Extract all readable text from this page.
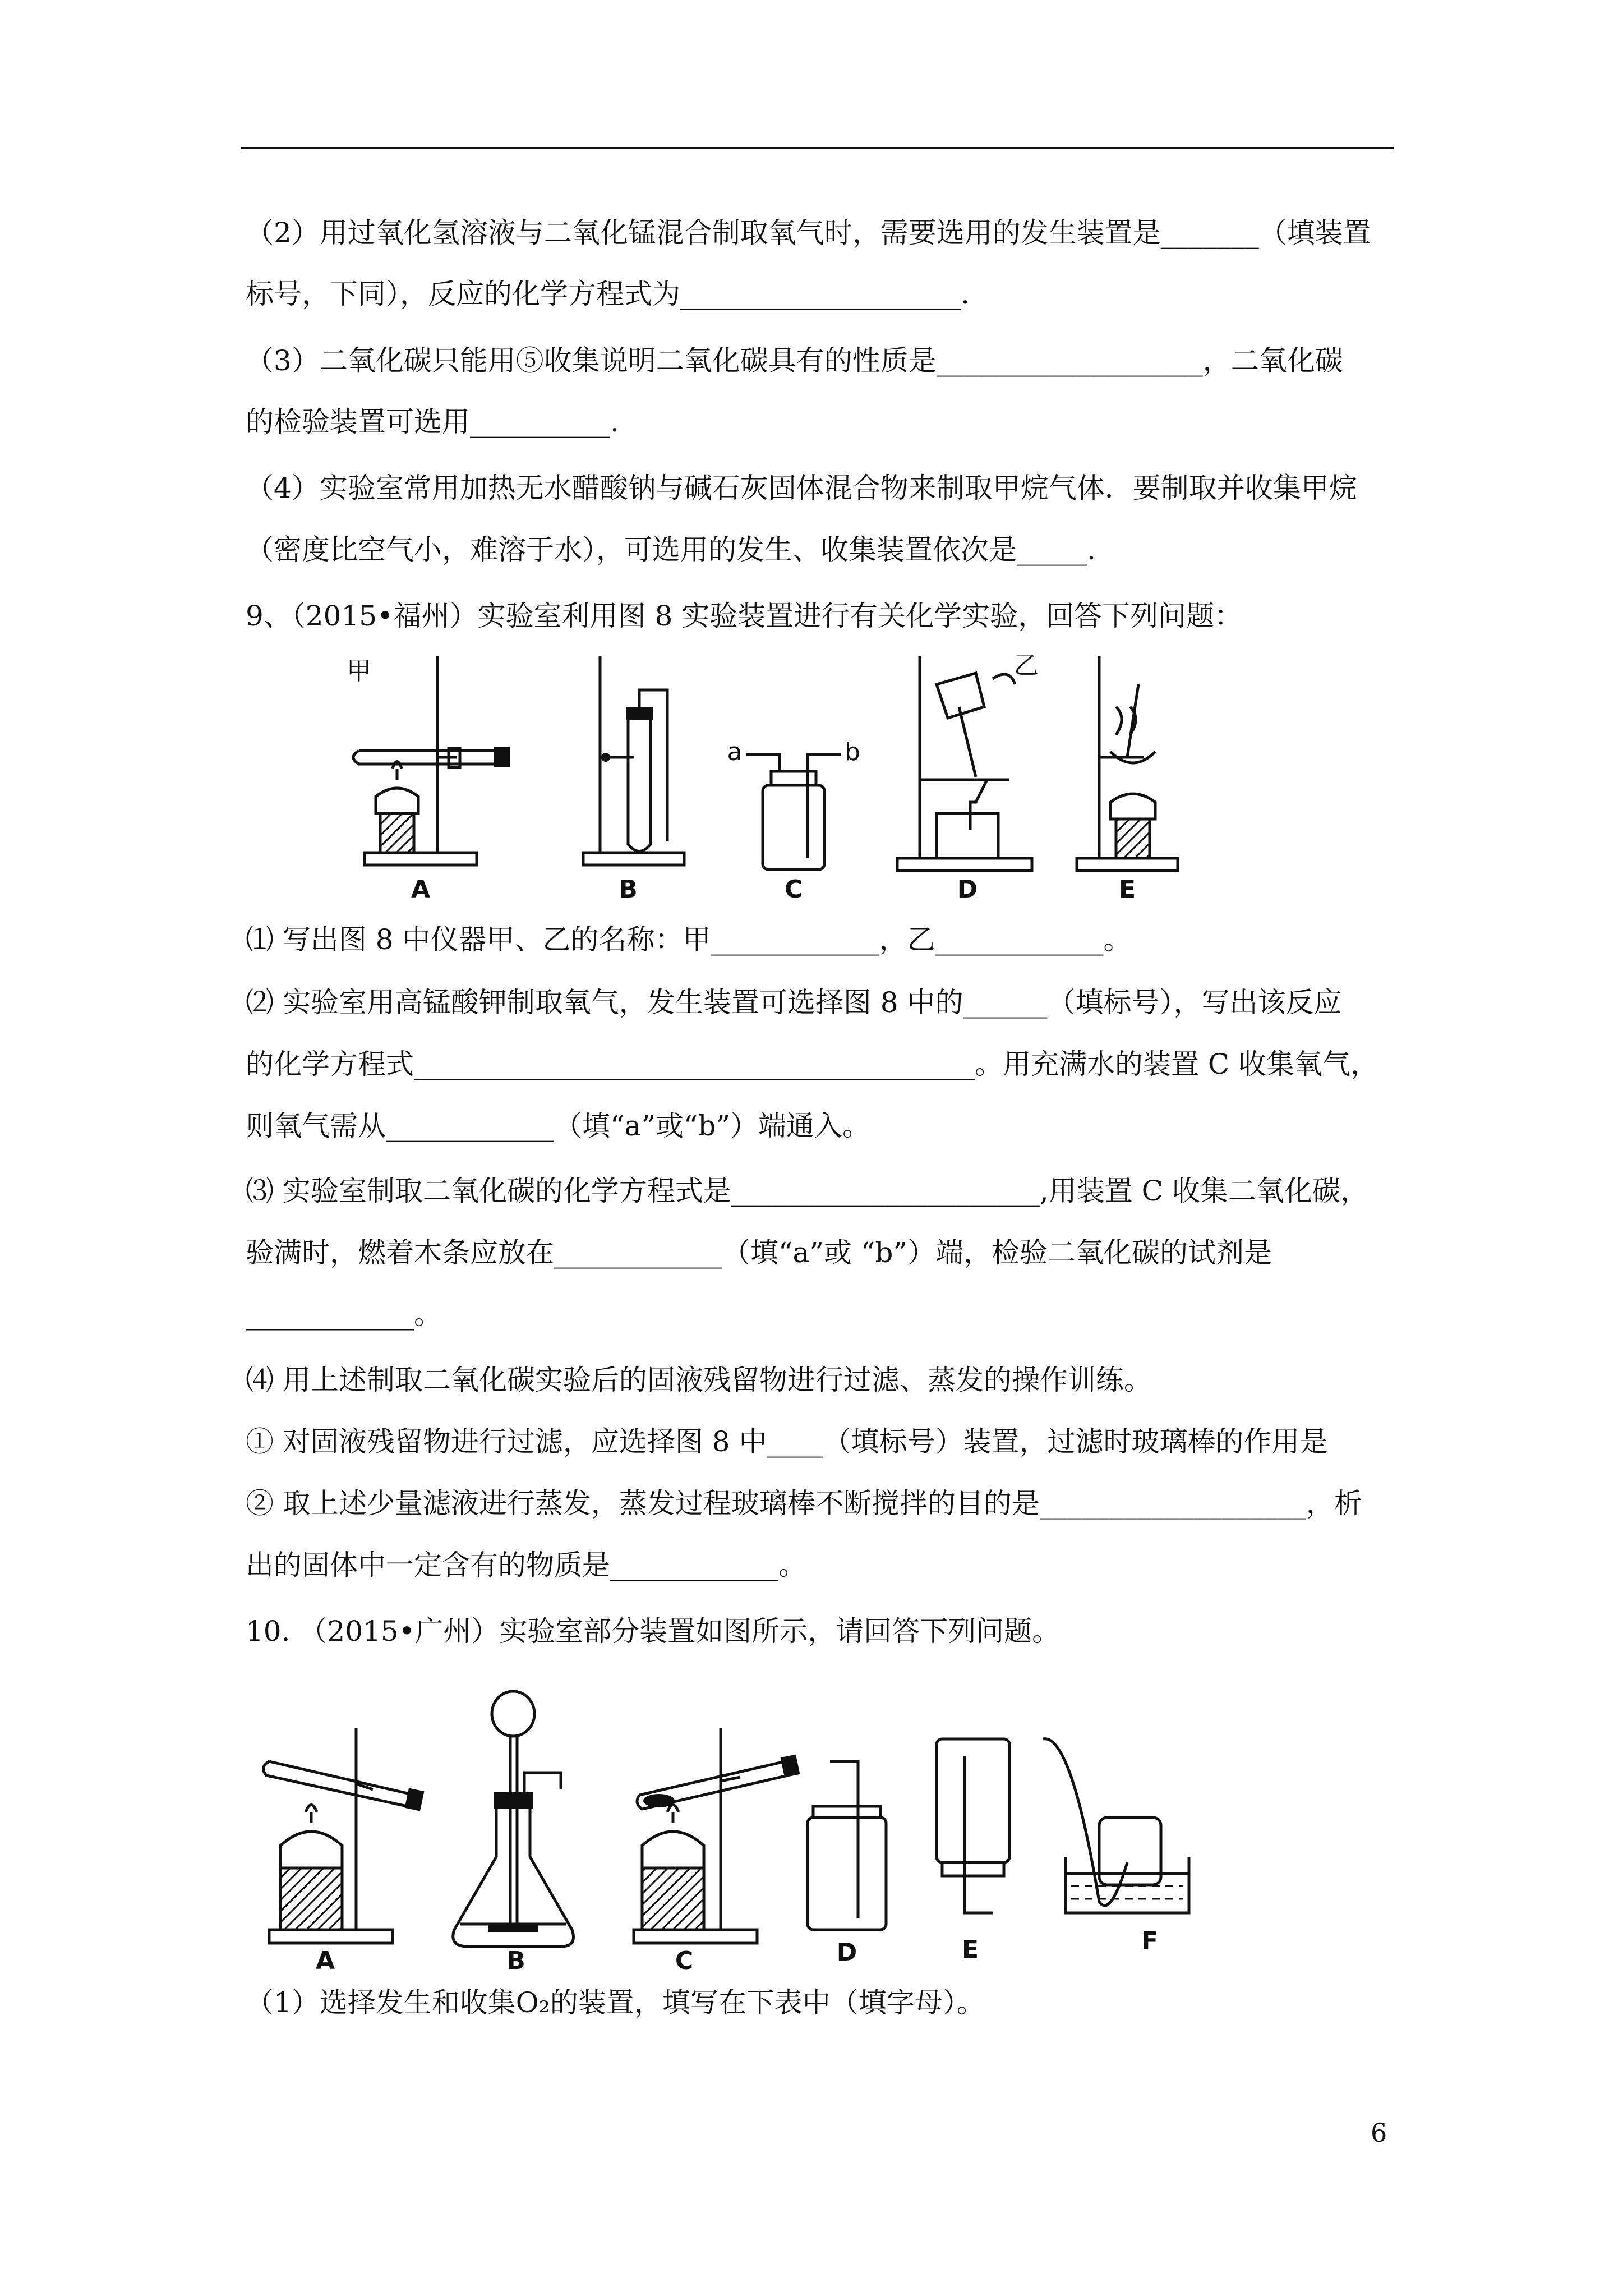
（2）用过氧化氢溶液与二氧化锰混合制取氧气时，需要选用的发生装置是_______（填装置
标号，下同），反应的化学方程式为____________________.
（3）二氧化碳只能用⑤收集说明二氧化碳具有的性质是___________________，二氧化碳
的检验装置可选用__________.
（4）实验室常用加热无水醋酸钠与碱石灰固体混合物来制取甲烷气体．要制取并收集甲烷
（密度比空气小，难溶于水），可选用的发生、收集装置依次是_____.
9、（2015•福州）实验室利用图 8 实验装置进行有关化学实验，回答下列问题：
甲	乙
a	b
A	B	C	D	E
⑴ 写出图 8 中仪器甲、乙的名称：甲____________，乙____________。
⑵ 实验室用高锰酸钾制取氧气，发生装置可选择图 8 中的______（填标号），写出该反应
的化学方程式________________________________________。用充满水的装置 C 收集氧气，
则氧气需从____________（填“a”或“b”）端通入。
⑶ 实验室制取二氧化碳的化学方程式是______________________,用装置 C 收集二氧化碳，
验满时，燃着木条应放在____________（填“a”或 “b”）端，检验二氧化碳的试剂是
____________。
⑷ 用上述制取二氧化碳实验后的固液残留物进行过滤、蒸发的操作训练。
① 对固液残留物进行过滤，应选择图 8 中____（填标号）装置，过滤时玻璃棒的作用是
② 取上述少量滤液进行蒸发，蒸发过程玻璃棒不断搅拌的目的是___________________，析
出的固体中一定含有的物质是____________。
10. （2015•广州）实验室部分装置如图所示，请回答下列问题。
A	B	C	D	E	F
（1）选择发生和收集O₂的装置，填写在下表中（填字母）。
6
